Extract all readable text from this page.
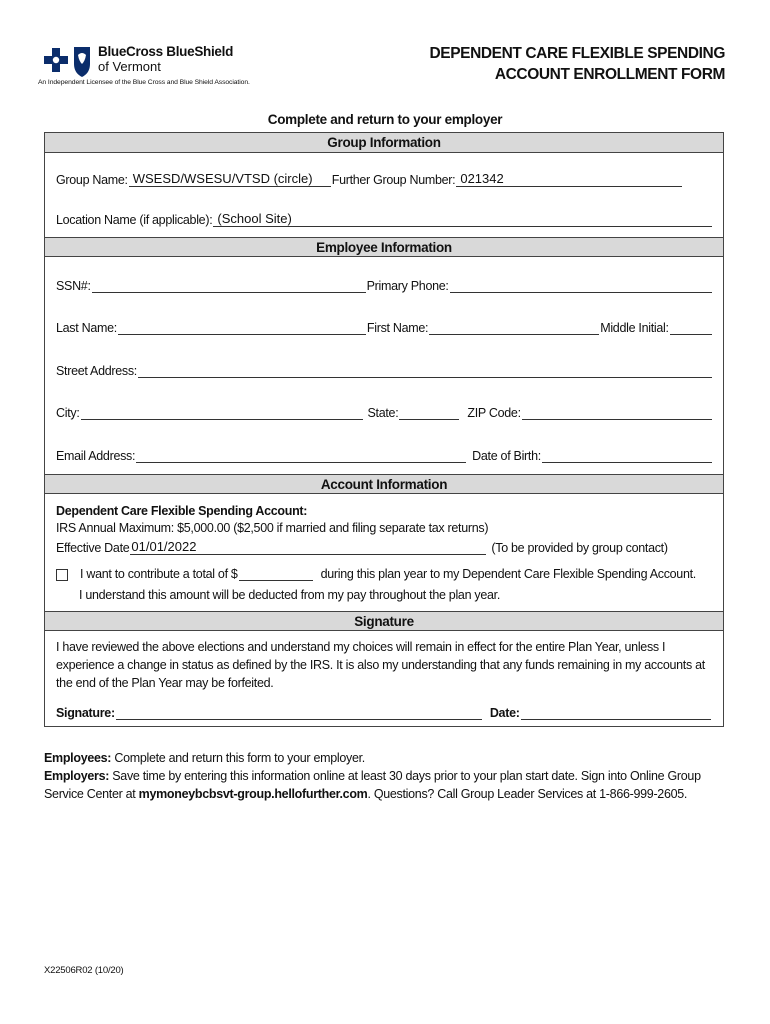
BlueCross BlueShield
of Vermont
An Independent Licensee of the Blue Cross and Blue Shield Association.
DEPENDENT CARE FLEXIBLE SPENDING
ACCOUNT ENROLLMENT FORM
Complete and return to your employer
Group Information
Group Name: WSESD/WSESU/VTSD (circle) Further Group Number: 021342
Location Name (if applicable): (School Site)
Employee Information
SSN#:	Primary Phone:
Last Name:	First Name:	Middle Initial:
Street Address:
City:	State:	ZIP Code:
Email Address:	Date of Birth:
Account Information
Dependent Care Flexible Spending Account:
IRS Annual Maximum: $5,000.00 ($2,500 if married and filing separate tax returns)
Effective Date 01/01/2022	(To be provided by group contact)
I want to contribute a total of $	during this plan year to my Dependent Care Flexible Spending Account.
I understand this amount will be deducted from my pay throughout the plan year.
Signature
I have reviewed the above elections and understand my choices will remain in effect for the entire Plan Year, unless I experience a change in status as defined by the IRS. It is also my understanding that any funds remaining in my accounts at the end of the Plan Year may be forfeited.
Signature :	Date :
Employees: Complete and return this form to your employer.
Employers: Save time by entering this information online at least 30 days prior to your plan start date. Sign into Online Group Service Center at mymoneybcbsvt-group.hellofurther.com. Questions? Call Group Leader Services at 1-866-999-2605.
X22506R02 (10/20)
